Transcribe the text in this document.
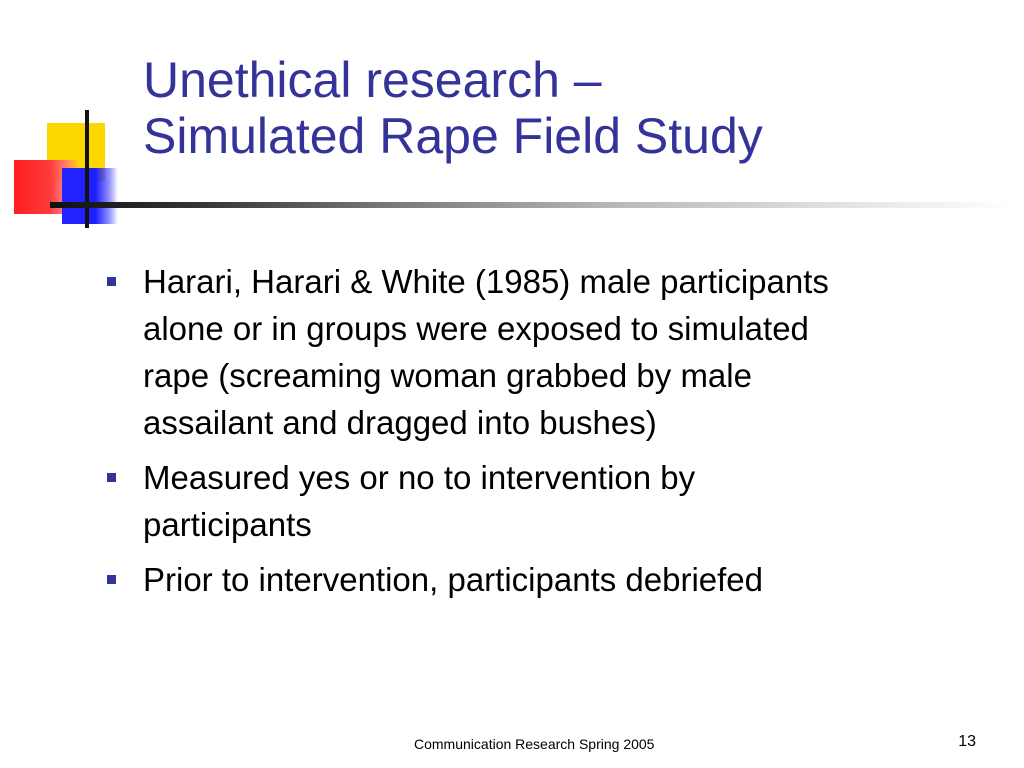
Unethical research –
Simulated Rape Field Study
Harari, Harari & White (1985) male participants
alone or in groups were exposed to simulated
rape (screaming woman grabbed by male
assailant and dragged into bushes)
Measured yes or no to intervention by
participants
Prior to intervention, participants debriefed
Communication Research Spring 2005	13
